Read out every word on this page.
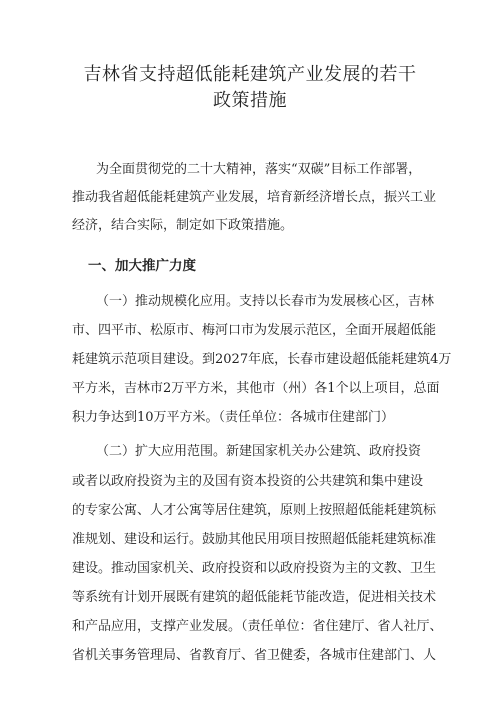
吉林省支持超低能耗建筑产业发展的若干
政策措施
为全面贯彻党的二十大精神，落实“双碳”目标工作部署，
推动我省超低能耗建筑产业发展，培育新经济增长点，振兴工业
经济，结合实际，制定如下政策措施。
一、加大推广力度
（一）推动规模化应用。支持以长春市为发展核心区，吉林
市、四平市、松原市、梅河口市为发展示范区，全面开展超低能
耗建筑示范项目建设。到2027年底，长春市建设超低能耗建筑4万
平方米，吉林市2万平方米，其他市（州）各1个以上项目，总面
积力争达到10万平方米。（责任单位：各城市住建部门）
（二）扩大应用范围。新建国家机关办公建筑、政府投资
或者以政府投资为主的及国有资本投资的公共建筑和集中建设
的专家公寓、人才公寓等居住建筑，原则上按照超低能耗建筑标
准规划、建设和运行。鼓励其他民用项目按照超低能耗建筑标准
建设。推动国家机关、政府投资和以政府投资为主的文教、卫生
等系统有计划开展既有建筑的超低能耗节能改造，促进相关技术
和产品应用，支撑产业发展。（责任单位：省住建厅、省人社厅、
省机关事务管理局、省教育厅、省卫健委，各城市住建部门、人
